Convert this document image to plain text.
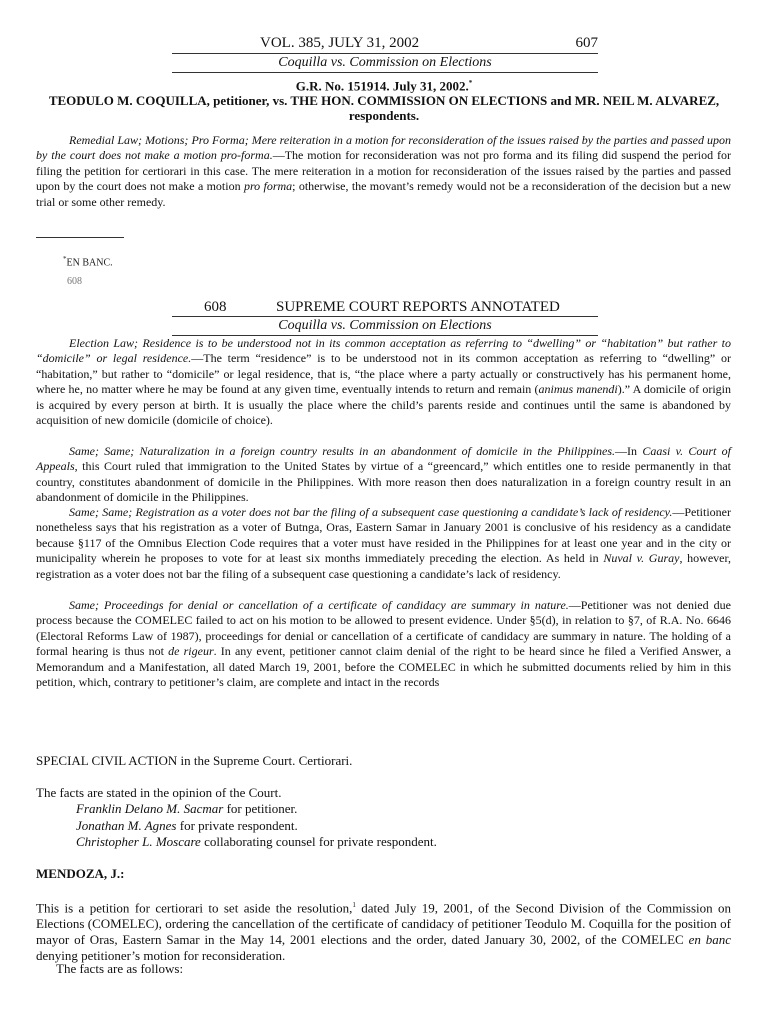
VOL. 385, JULY 31, 2002	607
Coquilla vs. Commission on Elections
G.R. No. 151914. July 31, 2002.*
TEODULO M. COQUILLA, petitioner, vs. THE HON. COMMISSION ON ELECTIONS and MR. NEIL M. ALVAREZ, respondents.
Remedial Law; Motions; Pro Forma; Mere reiteration in a motion for reconsideration of the issues raised by the parties and passed upon by the court does not make a motion pro-forma.—The motion for reconsideration was not pro forma and its filing did suspend the period for filing the petition for certiorari in this case. The mere reiteration in a motion for reconsideration of the issues raised by the parties and passed upon by the court does not make a motion pro forma; otherwise, the movant’s remedy would not be a reconsideration of the decision but a new trial or some other remedy.
*EN BANC.
608
608	SUPREME COURT REPORTS ANNOTATED
Coquilla vs. Commission on Elections
Election Law; Residence is to be understood not in its common acceptation as referring to “dwelling” or “habitation” but rather to “domicile” or legal residence.—The term “residence” is to be understood not in its common acceptation as referring to “dwelling” or “habitation,” but rather to “domicile” or legal residence, that is, “the place where a party actually or constructively has his permanent home, where he, no matter where he may be found at any given time, eventually intends to return and remain (animus manendi).” A domicile of origin is acquired by every person at birth. It is usually the place where the child’s parents reside and continues until the same is abandoned by acquisition of new domicile (domicile of choice).
Same; Same; Naturalization in a foreign country results in an abandonment of domicile in the Philippines.—In Caasi v. Court of Appeals, this Court ruled that immigration to the United States by virtue of a “greencard,” which entitles one to reside permanently in that country, constitutes abandonment of domicile in the Philippines. With more reason then does naturalization in a foreign country result in an abandonment of domicile in the Philippines.
Same; Same; Registration as a voter does not bar the filing of a subsequent case questioning a candidate’s lack of residency.—Petitioner nonetheless says that his registration as a voter of Butnga, Oras, Eastern Samar in January 2001 is conclusive of his residency as a candidate because §117 of the Omnibus Election Code requires that a voter must have resided in the Philippines for at least one year and in the city or municipality wherein he proposes to vote for at least six months immediately preceding the election. As held in Nuval v. Guray, however, registration as a voter does not bar the filing of a subsequent case questioning a candidate’s lack of residency.
Same; Proceedings for denial or cancellation of a certificate of candidacy are summary in nature.—Petitioner was not denied due process because the COMELEC failed to act on his motion to be allowed to present evidence. Under §5(d), in relation to §7, of R.A. No. 6646 (Electoral Reforms Law of 1987), proceedings for denial or cancellation of a certificate of candidacy are summary in nature. The holding of a formal hearing is thus not de rigeur. In any event, petitioner cannot claim denial of the right to be heard since he filed a Verified Answer, a Memorandum and a Manifestation, all dated March 19, 2001, before the COMELEC in which he submitted documents relied by him in this petition, which, contrary to petitioner’s claim, are complete and intact in the records
SPECIAL CIVIL ACTION in the Supreme Court. Certiorari.
The facts are stated in the opinion of the Court.
Franklin Delano M. Sacmar for petitioner.
Jonathan M. Agnes for private respondent.
Christopher L. Moscare collaborating counsel for private respondent.
MENDOZA, J.:
This is a petition for certiorari to set aside the resolution,$^1$ dated July 19, 2001, of the Second Division of the Commission on Elections (COMELEC), ordering the cancellation of the certificate of candidacy of petitioner Teodulo M. Coquilla for the position of mayor of Oras, Eastern Samar in the May 14, 2001 elections and the order, dated January 30, 2002, of the COMELEC en banc denying petitioner’s motion for reconsideration.
The facts are as follows:
